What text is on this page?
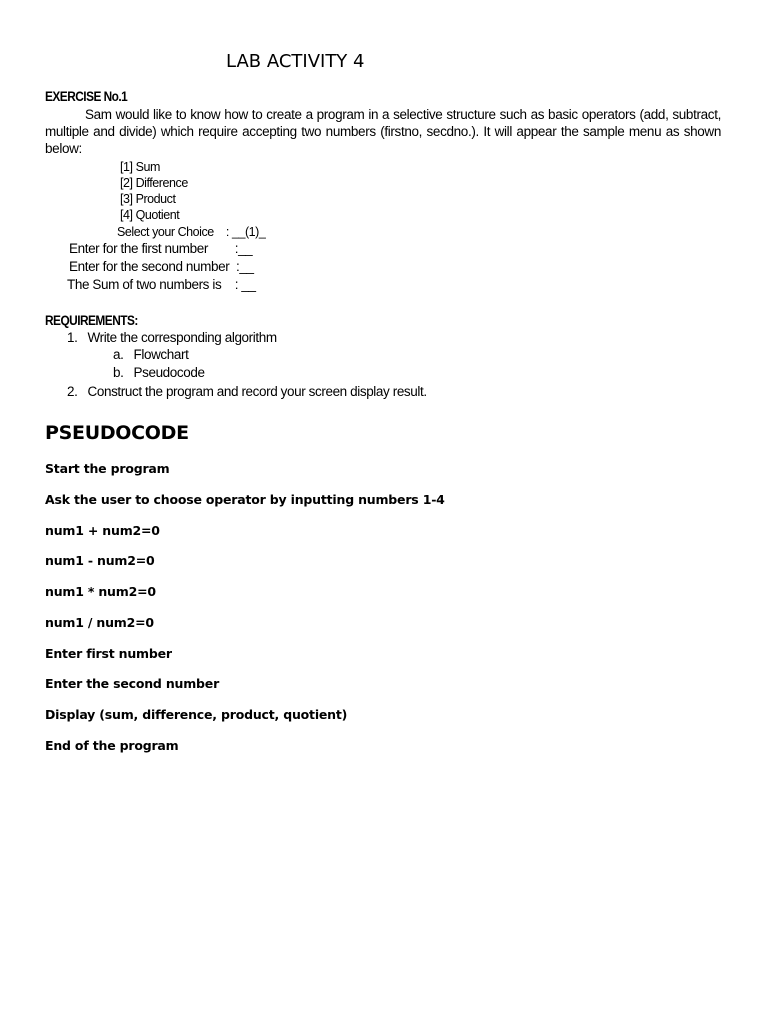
LAB ACTIVITY 4
EXERCISE No.1
Sam would like to know how to create a program in a selective structure such as basic operators (add, subtract, multiple and divide) which require accepting two numbers (firstno, secdno.). It will appear the sample menu as shown below:
[1] Sum
[2] Difference
[3] Product
[4] Quotient
Select your Choice    : __(1)_
Enter for the first number        :__
Enter for the second number  :__
The Sum of two numbers is    : __
REQUIREMENTS:
1.   Write the corresponding algorithm
a.   Flowchart
b.   Pseudocode
2.   Construct the program and record your screen display result.
PSEUDOCODE
Start the program
Ask the user to choose operator by inputting numbers 1-4
num1 + num2=0
num1 - num2=0
num1 * num2=0
num1 / num2=0
Enter first number
Enter the second number
Display (sum, difference, product, quotient)
End of the program
